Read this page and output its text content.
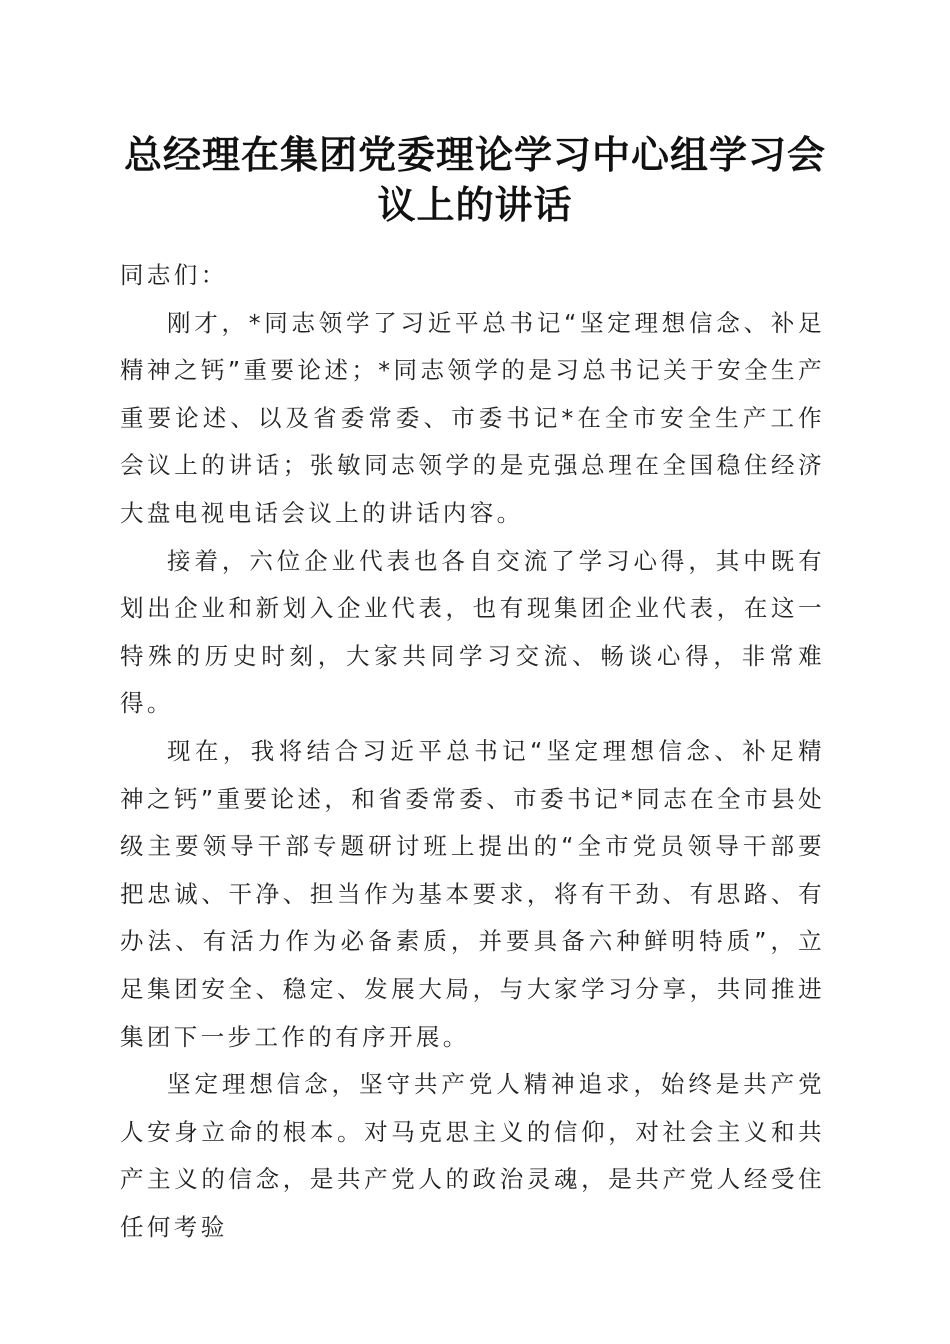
总经理在集团党委理论学习中心组学习会议上的讲话

同志们：

刚才，*同志领学了习近平总书记“坚定理想信念、补足精神之钙”重要论述；*同志领学的是习总书记关于安全生产重要论述、以及省委常委、市委书记*在全市安全生产工作会议上的讲话；张敏同志领学的是克强总理在全国稳住经济大盘电视电话会议上的讲话内容。

接着，六位企业代表也各自交流了学习心得，其中既有划出企业和新划入企业代表，也有现集团企业代表，在这一特殊的历史时刻，大家共同学习交流、畅谈心得，非常难得。

现在，我将结合习近平总书记“坚定理想信念、补足精神之钙”重要论述，和省委常委、市委书记*同志在全市县处级主要领导干部专题研讨班上提出的“全市党员领导干部要把忠诚、干净、担当作为基本要求，将有干劲、有思路、有办法、有活力作为必备素质，并要具备六种鲜明特质”，立足集团安全、稳定、发展大局，与大家学习分享，共同推进集团下一步工作的有序开展。

坚定理想信念，坚守共产党人精神追求，始终是共产党人安身立命的根本。对马克思主义的信仰，对社会主义和共产主义的信念，是共产党人的政治灵魂，是共产党人经受住任何考验
